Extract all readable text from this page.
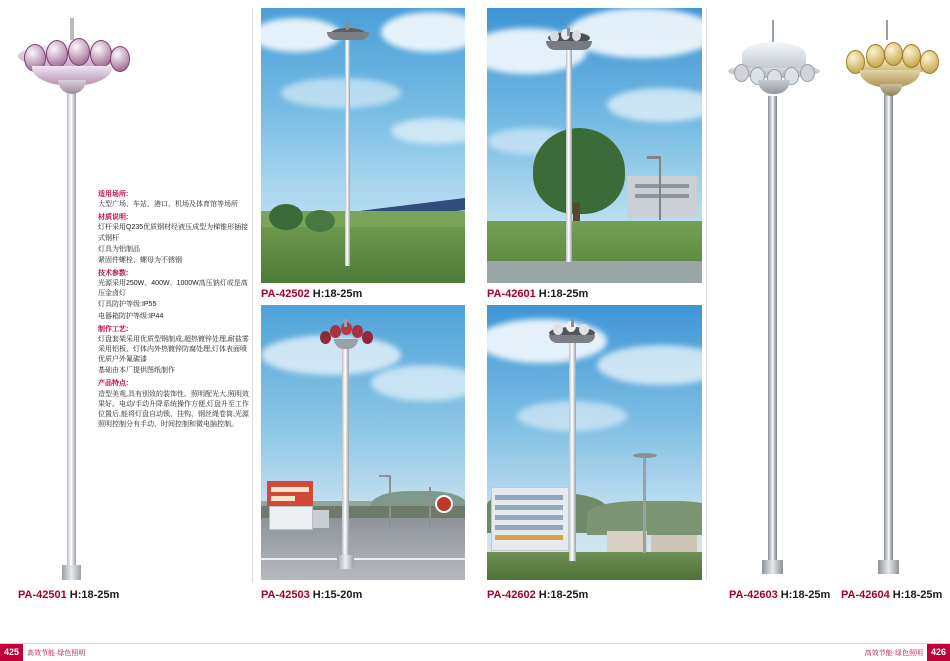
适用场所:

大型广场、车站、港口、机场及体育馆等场所

材质说明:

灯杆采用Q235优质钢材经液压成型为梯锥形插接式钢杆

灯具为铝制品

紧固件螺栓、螺母为不锈钢

技术参数:

光源采用250W、400W、1000W高压钠灯或是高压金卤灯

灯具防护等级:IP55

电器箱防护等级:IP44

制作工艺:

灯盘套架采用优质型钢制成,超热镀锌处理,耐盐雾采用铝板、灯体内外热镀锌防腐处理,灯体表面喷优质户外氟碳漆

基础由本厂提供图纸制作

产品特点:

造型美观,具有别致的装饰性。照明配光大,照明效果好。电动/手动升降系统操作方便,灯盘升至工作位置后,能将灯盘自动锁、挂钩、钢丝绳卷筒,光源照明控制分有手动、时间控制和微电脑控制。

PA-42501 H:18-25m
PA-42502 H:18-25m	PA-42601 H:18-25m
PA-42503 H:15-20m	PA-42602 H:18-25m	PA-42603 H:18-25m PA-42604 H:18-25m
425	高效节能·绿色照明	高效节能·绿色照明 426
